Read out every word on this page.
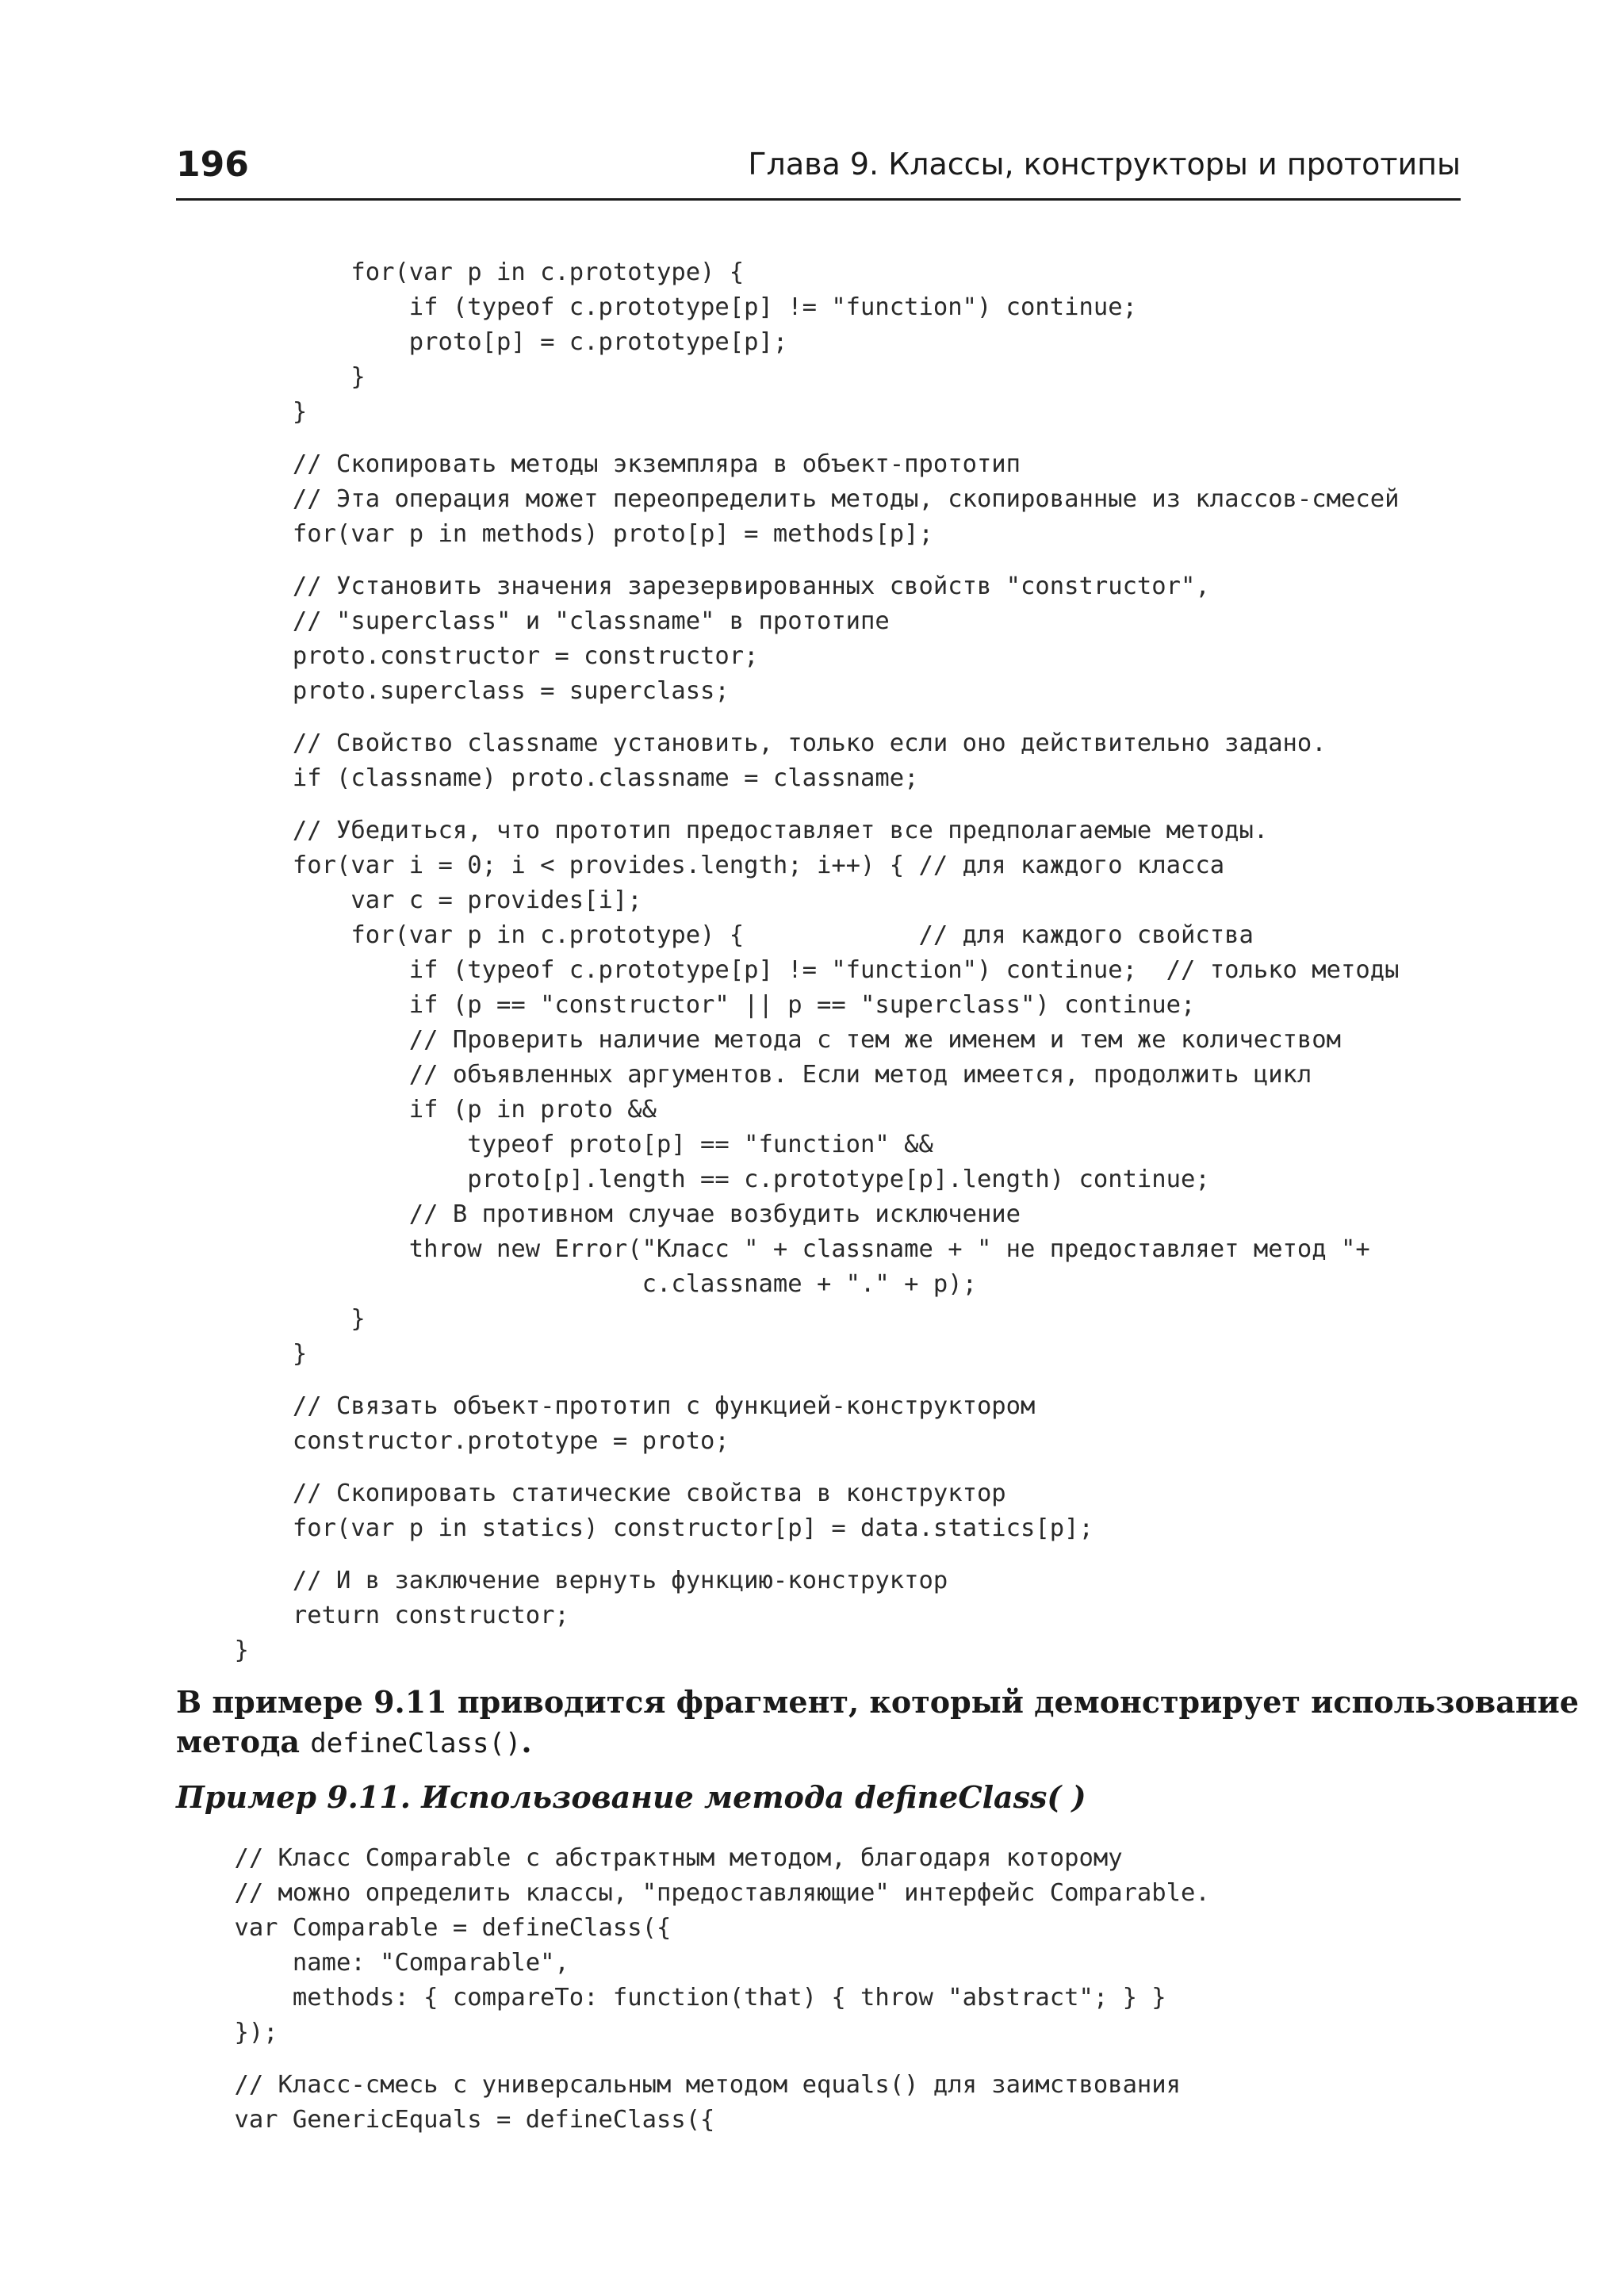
196	Глава 9. Классы, конструкторы и прототипы
for(var p in c.prototype) {
if (typeof c.prototype[p] != "function") continue;
proto[p] = c.prototype[p];
}
}
// Скопировать методы экземпляра в объект-прототип
// Эта операция может переопределить методы, скопированные из классов-смесей
for(var p in methods) proto[p] = methods[p];
// Установить значения зарезервированных свойств "constructor",
// "superclass" и "classname" в прототипе
proto.constructor = constructor;
proto.superclass = superclass;
// Свойство classname установить, только если оно действительно задано.
if (classname) proto.classname = classname;
// Убедиться, что прототип предоставляет все предполагаемые методы.
for(var i = 0; i < provides.length; i++) { // для каждого класса
var c = provides[i];
for(var p in c.prototype) {            // для каждого свойства
if (typeof c.prototype[p] != "function") continue;  // только методы
if (p == "constructor" || p == "superclass") continue;
// Проверить наличие метода с тем же именем и тем же количеством
// объявленных аргументов. Если метод имеется, продолжить цикл
if (p in proto &&
typeof proto[p] == "function" &&
proto[p].length == c.prototype[p].length) continue;
// В противном случае возбудить исключение
throw new Error("Класс " + classname + " не предоставляет метод "+
c.classname + "." + p);
}
}
// Связать объект-прототип с функцией-конструктором
constructor.prototype = proto;
// Скопировать статические свойства в конструктор
for(var p in statics) constructor[p] = data.statics[p];
// И в заключение вернуть функцию-конструктор
return constructor;
}
В примере 9.11 приводится фрагмент, который демонстрирует использование
метода defineClass().
Пример 9.11. Использование метода defineClass( )
// Класс Comparable с абстрактным методом, благодаря которому
// можно определить классы, "предоставляющие" интерфейс Comparable.
var Comparable = defineClass({
name: "Comparable",
methods: { compareTo: function(that) { throw "abstract"; } }
});
// Класс-смесь с универсальным методом equals() для заимствования
var GenericEquals = defineClass({
